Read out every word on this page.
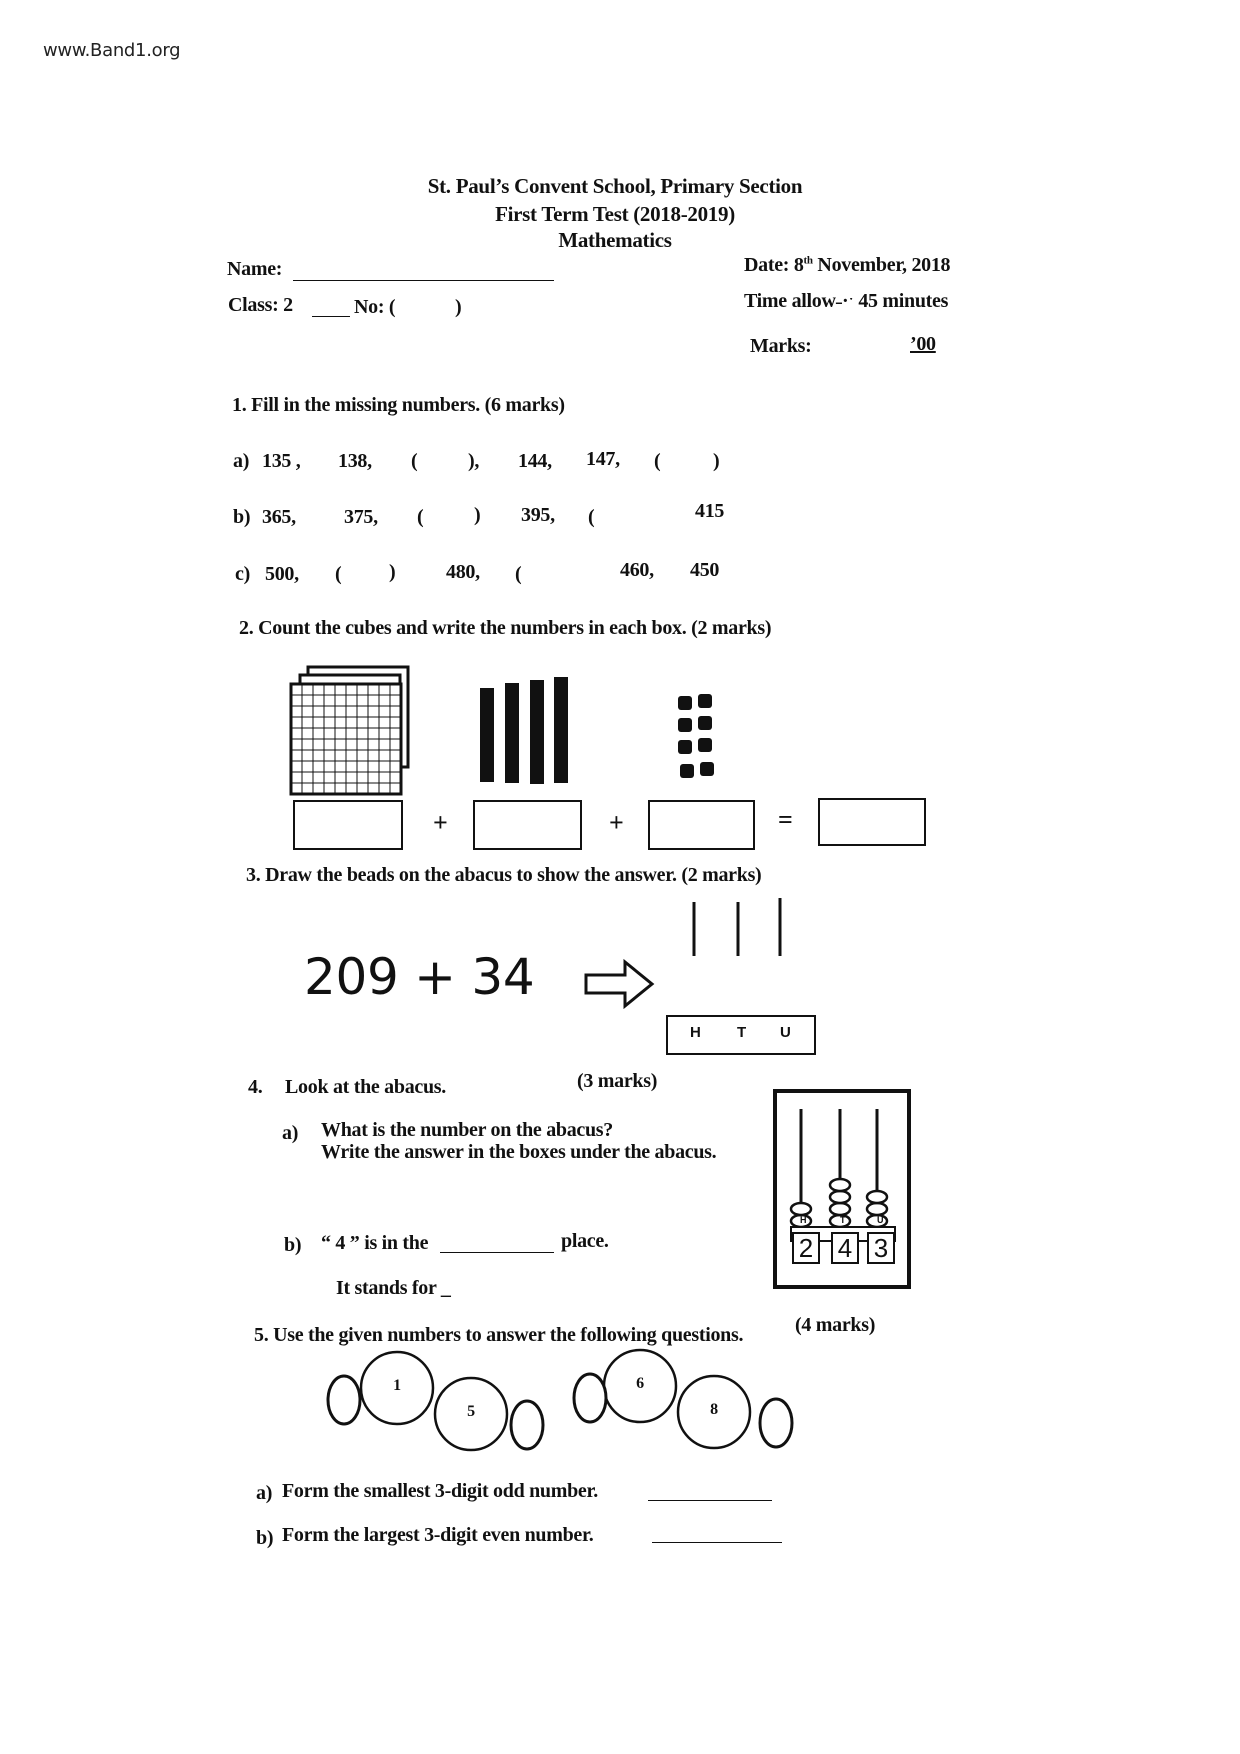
www.Band1.org
St. Paul’s Convent School, Primary Section
First Term Test (2018-2019)
Mathematics
Name:
Class: 2	No: (	)
Date: 8th November, 2018
Time allow˗·ˑ 45 minutes
Marks:	’00
1. Fill in the missing numbers. (6 marks)
a) 135 , 138, (	), 144, 147, (	)
b) 365, 375, (	) 395, (	415
c) 500, ( )	480, (	460, 450
2. Count the cubes and write the numbers in each box. (2 marks)
+	+	=
3. Draw the beads on the abacus to show the answer. (2 marks)
209 + 34
H T U
4. Look at the abacus.	(3 marks)
a) What is the number on the abacus?
Write the answer in the boxes under the abacus.
b) “ 4 ” is in the	place.
It stands for _
H	T	U
2 4 3
5. Use the given numbers to answer the following questions.	(4 marks)
1
5
6
8
a) Form the smallest 3-digit odd number.
b) Form the largest 3-digit even number.
